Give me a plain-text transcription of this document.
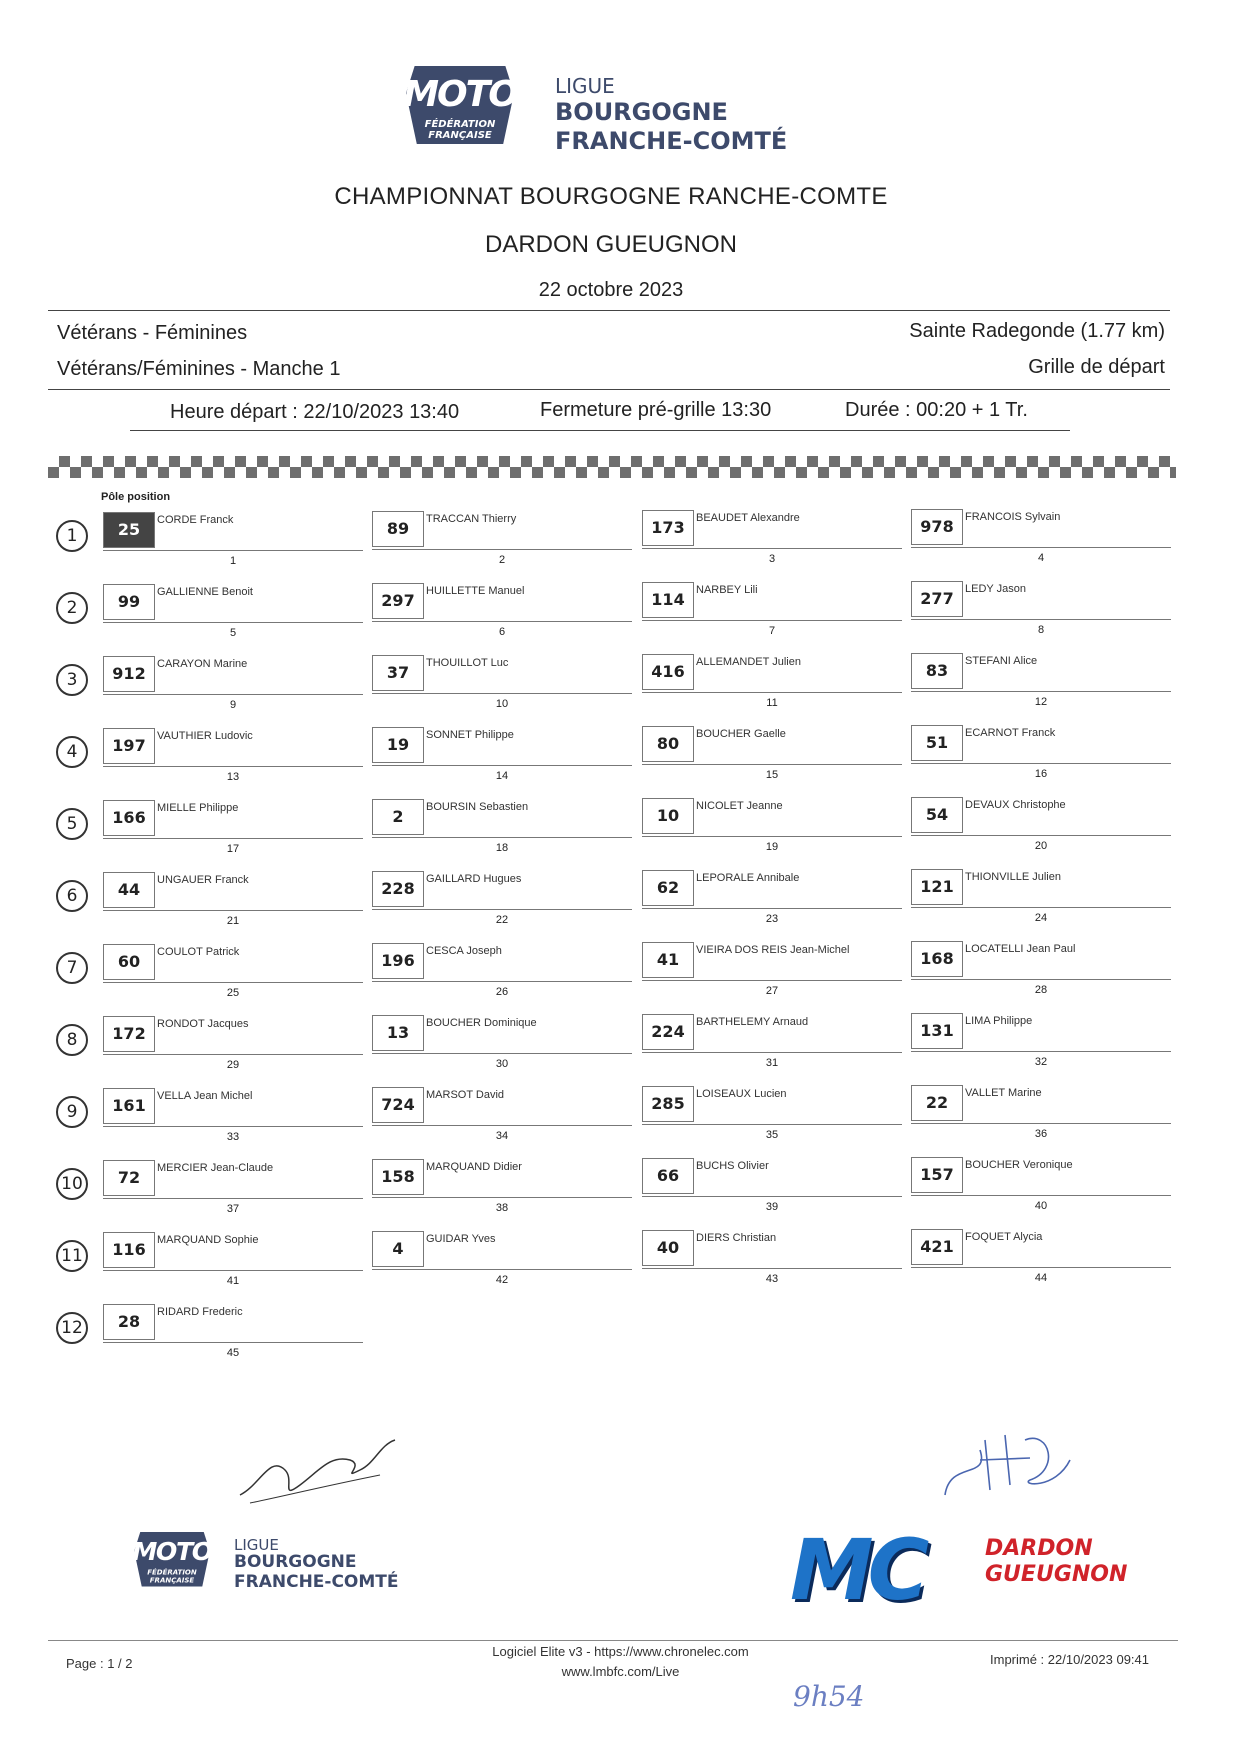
MOTO
FÉDÉRATION
FRANÇAISE
LIGUE
BOURGOGNE
FRANCHE-COMTÉ
CHAMPIONNAT BOURGOGNE RANCHE-COMTE
DARDON GUEUGNON
22 octobre 2023
Vétérans - Féminines	Sainte Radegonde (1.77 km)
Vétérans/Féminines - Manche 1	Grille de départ
Heure départ : 22/10/2023 13:40	Fermeture pré-grille 13:30	Durée : 00:20 + 1 Tr.
Pôle position
1	25	CORDE Franck
1
89	TRACCAN Thierry
2
173	BEAUDET Alexandre
3
978	FRANCOIS Sylvain
4
2	99	GALLIENNE Benoit
5
297	HUILLETTE Manuel
6
114	NARBEY Lili
7
277	LEDY Jason
8
3	912	CARAYON Marine
9
37	THOUILLOT Luc
10
416	ALLEMANDET Julien
11
83	STEFANI Alice
12
4	197	VAUTHIER Ludovic
13
19	SONNET Philippe
14
80	BOUCHER Gaelle
15
51	ECARNOT Franck
16
5	166	MIELLE Philippe
17
2	BOURSIN Sebastien
18
10	NICOLET Jeanne
19
54	DEVAUX Christophe
20
6	44	UNGAUER Franck
21
228	GAILLARD Hugues
22
62	LEPORALE Annibale
23
121	THIONVILLE Julien
24
7	60	COULOT Patrick
25
196	CESCA Joseph
26
41	VIEIRA DOS REIS Jean-Michel
27
168	LOCATELLI Jean Paul
28
8	172	RONDOT Jacques
29
13	BOUCHER Dominique
30
224	BARTHELEMY Arnaud
31
131	LIMA Philippe
32
9	161	VELLA Jean Michel
33
724	MARSOT David
34
285	LOISEAUX Lucien
35
22	VALLET Marine
36
10	72	MERCIER Jean-Claude
37
158	MARQUAND Didier
38
66	BUCHS Olivier
39
157	BOUCHER Veronique
40
11	116	MARQUAND Sophie
41
4	GUIDAR Yves
42
40	DIERS Christian
43
421	FOQUET Alycia
44
12	28	RIDARD Frederic
45
MOTO
FÉDÉRATION
FRANÇAISE
LIGUE
BOURGOGNE
FRANCHE-COMTÉ	MC	DARDON
GUEUGNON
Page : 1 / 2
Logiciel Elite v3 - https://www.chronelec.com
www.lmbfc.com/Live
Imprimé : 22/10/2023 09:41
9h54
